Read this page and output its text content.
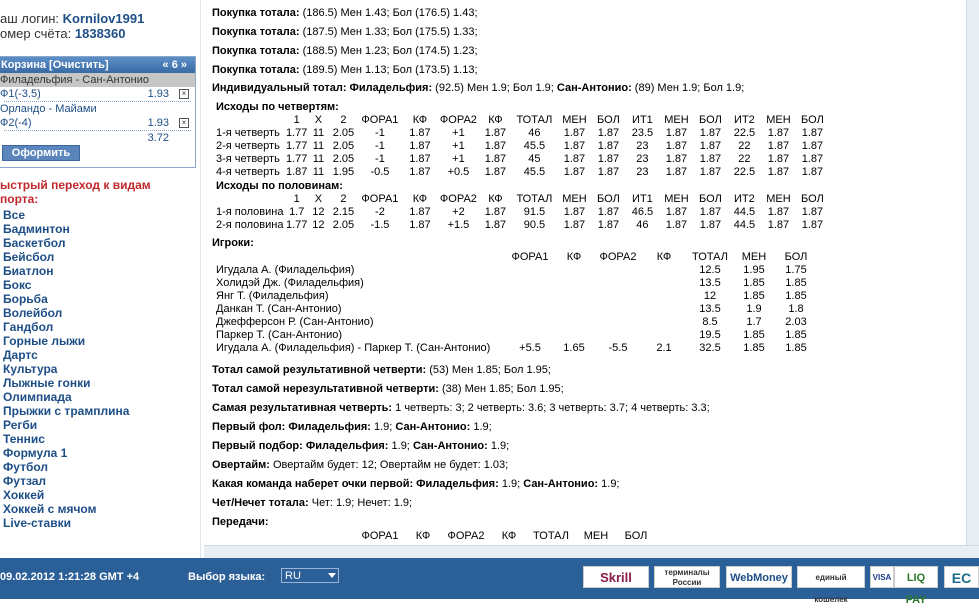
аш логин: Kornilov1991
омер счёта: 1838360
Корзина [Очистить]	« 6 »
Филадельфия - Сан-Антонио
Ф1(-3.5)	1.93	×
Орландо - Майами
Ф2(-4)	1.93	×
3.72
Оформить
ыстрый переход к видам
порта:
Все
Бадминтон
Баскетбол
Бейсбол
Биатлон
Бокс
Борьба
Волейбол
Гандбол
Горные лыжи
Дартс
Культура
Лыжные гонки
Олимпиада
Прыжки с трамплина
Регби
Теннис
Формула 1
Футбол
Футзал
Хоккей
Хоккей с мячом
Live-ставки
Покупка тотала: (186.5) Мен 1.43; Бол (176.5) 1.43;
Покупка тотала: (187.5) Мен 1.33; Бол (175.5) 1.33;
Покупка тотала: (188.5) Мен 1.23; Бол (174.5) 1.23;
Покупка тотала: (189.5) Мен 1.13; Бол (173.5) 1.13;
Индивидуальный тотал: Филадельфия: (92.5) Мен 1.9; Бол 1.9; Сан-Антонио: (89) Мен 1.9; Бол 1.9;
Исходы по четвертям:
	1	X	2	ФОРА1	КФ	ФОРА2	КФ	ТОТАЛ	МЕН	БОЛ	ИТ1	МЕН	БОЛ	ИТ2	МЕН	БОЛ
1-я четверть	1.77	11	2.05	-1	1.87	+1	1.87	46	1.87	1.87	23.5	1.87	1.87	22.5	1.87	1.87
2-я четверть	1.77	11	2.05	-1	1.87	+1	1.87	45.5	1.87	1.87	23	1.87	1.87	22	1.87	1.87
3-я четверть	1.77	11	2.05	-1	1.87	+1	1.87	45	1.87	1.87	23	1.87	1.87	22	1.87	1.87
4-я четверть	1.87	11	1.95	-0.5	1.87	+0.5	1.87	45.5	1.87	1.87	23	1.87	1.87	22.5	1.87	1.87
Исходы по половинам:
	1	X	2	ФОРА1	КФ	ФОРА2	КФ	ТОТАЛ	МЕН	БОЛ	ИТ1	МЕН	БОЛ	ИТ2	МЕН	БОЛ
1-я половина	1.7	12	2.15	-2	1.87	+2	1.87	91.5	1.87	1.87	46.5	1.87	1.87	44.5	1.87	1.87
2-я половина	1.77	12	2.05	-1.5	1.87	+1.5	1.87	90.5	1.87	1.87	46	1.87	1.87	44.5	1.87	1.87
Игроки:
	ФОРА1	КФ	ФОРА2	КФ	ТОТАЛ	МЕН	БОЛ
Игудала А. (Филадельфия)					12.5	1.95	1.75
Холидэй Дж. (Филадельфия)					13.5	1.85	1.85
Янг Т. (Филадельфия)					12	1.85	1.85
Данкан Т. (Сан-Антонио)					13.5	1.9	1.8
Джефферсон Р. (Сан-Антонио)					8.5	1.7	2.03
Паркер Т. (Сан-Антонио)					19.5	1.85	1.85
Игудала А. (Филадельфия) - Паркер Т. (Сан-Антонио)	+5.5	1.65	-5.5	2.1	32.5	1.85	1.85
Тотал самой результативной четверти: (53) Мен 1.85; Бол 1.95;
Тотал самой нерезультативной четверти: (38) Мен 1.85; Бол 1.95;
Самая результативная четверть: 1 четверть: 3; 2 четверть: 3.6; 3 четверть: 3.7; 4 четверть: 3.3;
Первый фол: Филадельфия: 1.9; Сан-Антонио: 1.9;
Первый подбор: Филадельфия: 1.9; Сан-Антонио: 1.9;
Овертайм: Овертайм будет: 12; Овертайм не будет: 1.03;
Какая команда наберет очки первой: Филадельфия: 1.9; Сан-Антонио: 1.9;
Чет/Нечет тотала: Чет: 1.9; Нечет: 1.9;
Передачи:
ФОРА1	КФ	ФОРА2	КФ	ТОТАЛ	МЕН	БОЛ
09.02.2012 1:21:28 GMT +4	Выбор языка:	RU	Skrill	терминалы России	WebMoney	единый кошелек
VISA	LIQ PAY
EC
